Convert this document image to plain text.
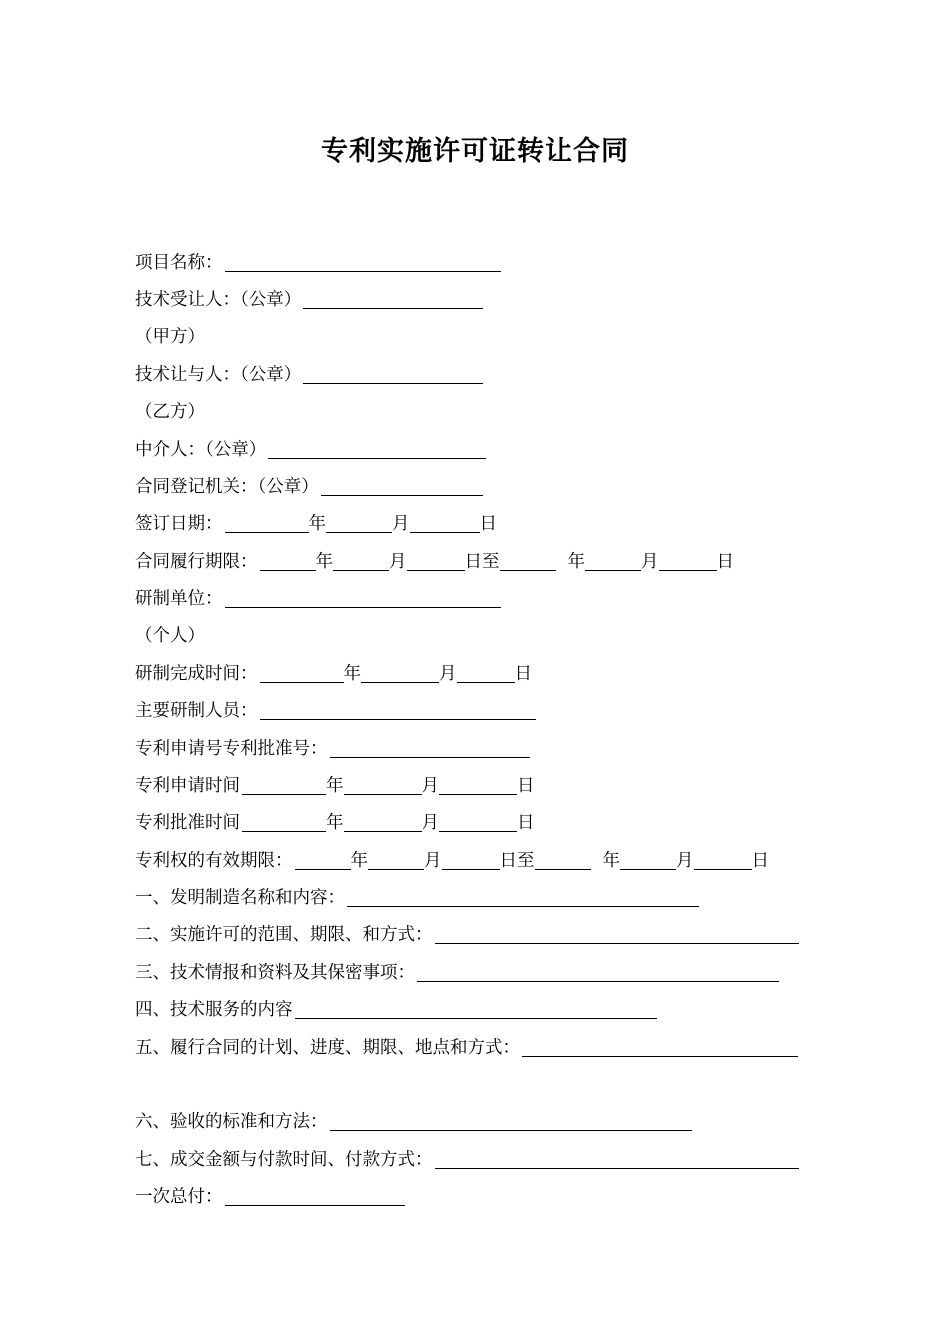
专利实施许可证转让合同
项目名称：
技术受让人：（公章）
（甲方）
技术让与人：（公章）
（乙方）
中介人：（公章）
合同登记机关：（公章）
签订日期：	年	月	日
合同履行期限：	年	月	日至	年	月	日
研制单位：
（个人）
研制完成时间：	年	月	日
主要研制人员：
专利申请号专利批准号：
专利申请时间	年	月	日
专利批准时间	年	月	日
专利权的有效期限：	年	月	日至	年	月	日
一、发明制造名称和内容：
二、实施许可的范围、期限、和方式：
三、技术情报和资料及其保密事项：
四、技术服务的内容
五、履行合同的计划、进度、期限、地点和方式：
六、验收的标准和方法：
七、成交金额与付款时间、付款方式：
一次总付：
